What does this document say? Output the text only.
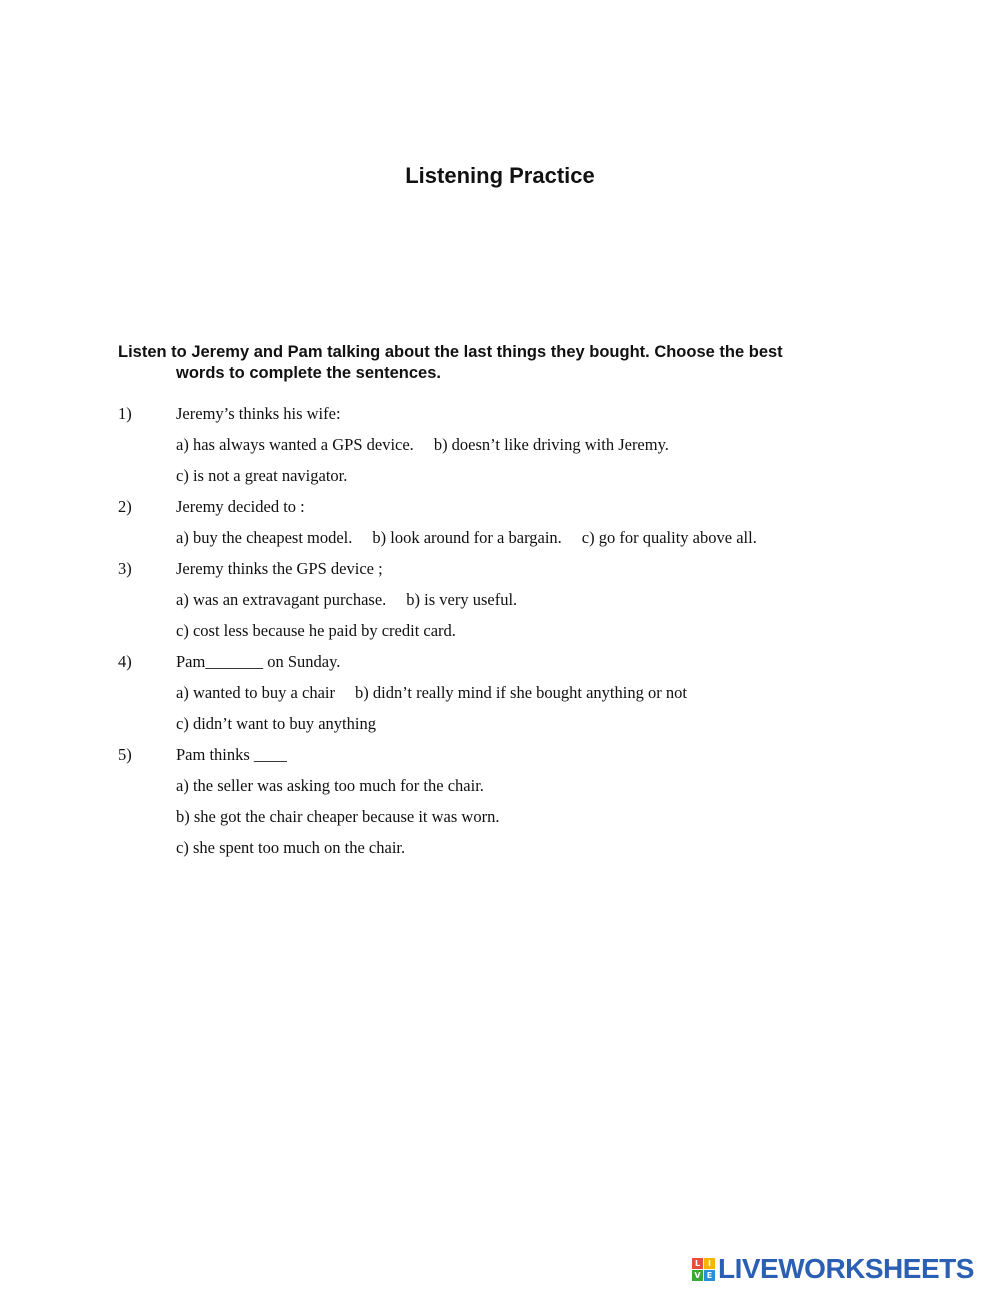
Listening Practice
Listen to Jeremy and Pam talking about the last things they bought. Choose the best
words to complete the sentences.
1)	Jeremy’s thinks his wife:
a) has always wanted a GPS device. b) doesn’t like driving with Jeremy.
c) is not a great navigator.
2)	Jeremy decided to :
a) buy the cheapest model. b) look around for a bargain. c) go for quality above all.
3)	Jeremy thinks the GPS device ;
a) was an extravagant purchase. b) is very useful.
c) cost less because he paid by credit card.
4)	Pam_______ on Sunday.
a) wanted to buy a chair b) didn’t really mind if she bought anything or not
c) didn’t want to buy anything
5)	Pam thinks ____
a) the seller was asking too much for the chair.
b) she got the chair cheaper because it was worn.
c) she spent too much on the chair.
L I
V E LIVEWORKSHEETS
